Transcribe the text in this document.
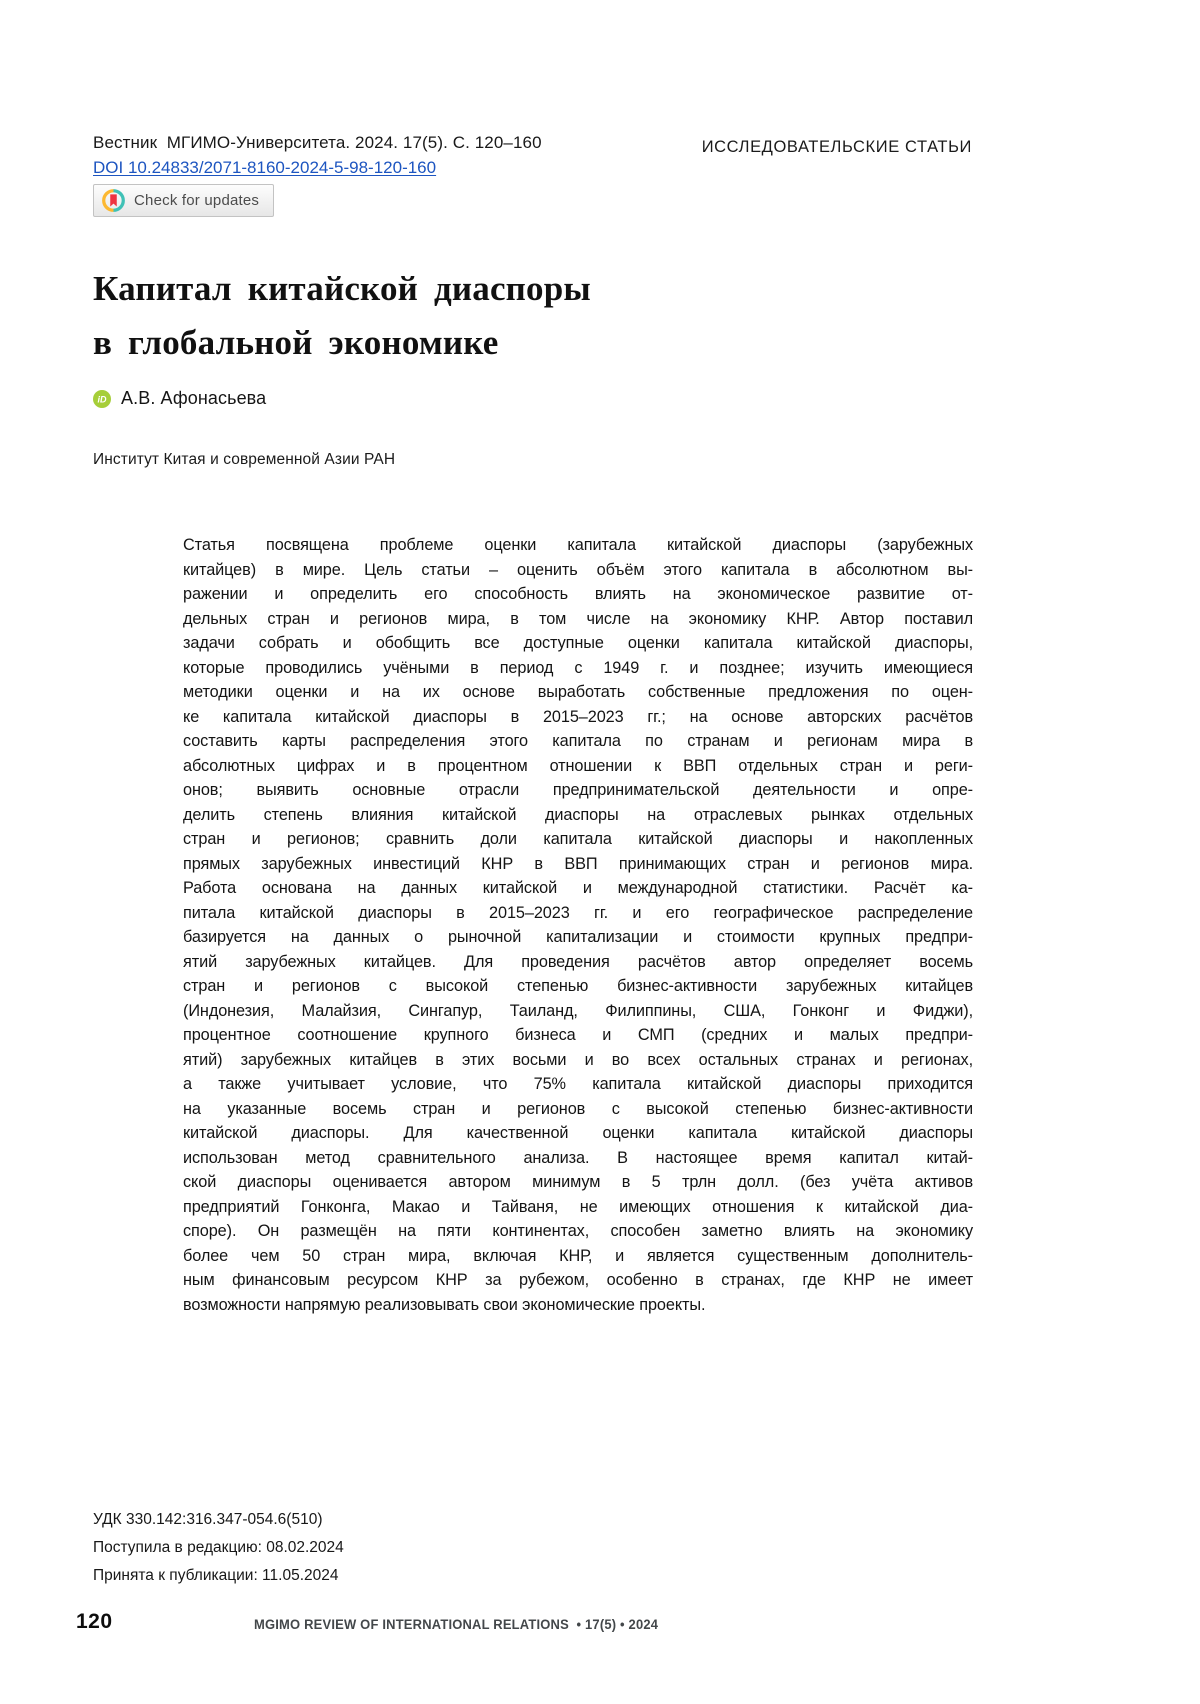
Вестник  МГИМО-Университета. 2024. 17(5). С. 120–160
DOI 10.24833/2071-8160-2024-5-98-120-160
ИССЛЕДОВАТЕЛЬСКИЕ СТАТЬИ
Check for updates
Капитал китайской диаспоры
в глобальной экономике
iD А.В. Афонасьева
Институт Китая и современной Азии РАН
Статья посвящена проблеме оценки капитала китайской диаспоры (зарубежных
китайцев) в мире. Цель статьи – оценить объём этого капитала в абсолютном вы-
ражении и определить его способность влиять на экономическое развитие от-
дельных стран и регионов мира, в том числе на экономику КНР. Автор поставил
задачи собрать и обобщить все доступные оценки капитала китайской диаспоры,
которые проводились учёными в период с 1949 г. и позднее; изучить имеющиеся
методики оценки и на их основе выработать собственные предложения по оцен-
ке капитала китайской диаспоры в 2015–2023 гг.; на основе авторских расчётов
составить карты распределения этого капитала по странам и регионам мира в
абсолютных цифрах и в процентном отношении к ВВП отдельных стран и реги-
онов; выявить основные отрасли предпринимательской деятельности и опре-
делить степень влияния китайской диаспоры на отраслевых рынках отдельных
стран и регионов; сравнить доли капитала китайской диаспоры и накопленных
прямых зарубежных инвестиций КНР в ВВП принимающих стран и регионов мира.
Работа основана на данных китайской и международной статистики. Расчёт ка-
питала китайской диаспоры в 2015–2023 гг. и его географическое распределение
базируется на данных о рыночной капитализации и стоимости крупных предпри-
ятий зарубежных китайцев. Для проведения расчётов автор определяет восемь
стран и регионов с высокой степенью бизнес-активности зарубежных китайцев
(Индонезия, Малайзия, Сингапур, Таиланд, Филиппины, США, Гонконг и Фиджи),
процентное соотношение крупного бизнеса и СМП (средних и малых предпри-
ятий) зарубежных китайцев в этих восьми и во всех остальных странах и регионах,
а также учитывает условие, что 75% капитала китайской диаспоры приходится
на указанные восемь стран и регионов с высокой степенью бизнес-активности
китайской диаспоры. Для качественной оценки капитала китайской диаспоры
использован метод сравнительного анализа. В настоящее время капитал китай-
ской диаспоры оценивается автором минимум в 5 трлн долл. (без учёта активов
предприятий Гонконга, Макао и Тайваня, не имеющих отношения к китайской диа-
споре). Он размещён на пяти континентах, способен заметно влиять на экономику
более чем 50 стран мира, включая КНР, и является существенным дополнитель-
ным финансовым ресурсом КНР за рубежом, особенно в странах, где КНР не имеет
возможности напрямую реализовывать свои экономические проекты.
УДК 330.142:316.347-054.6(510)
Поступила в редакцию: 08.02.2024
Принята к публикации: 11.05.2024
120	MGIMO REVIEW OF INTERNATIONAL RELATIONS  • 17(5) • 2024
